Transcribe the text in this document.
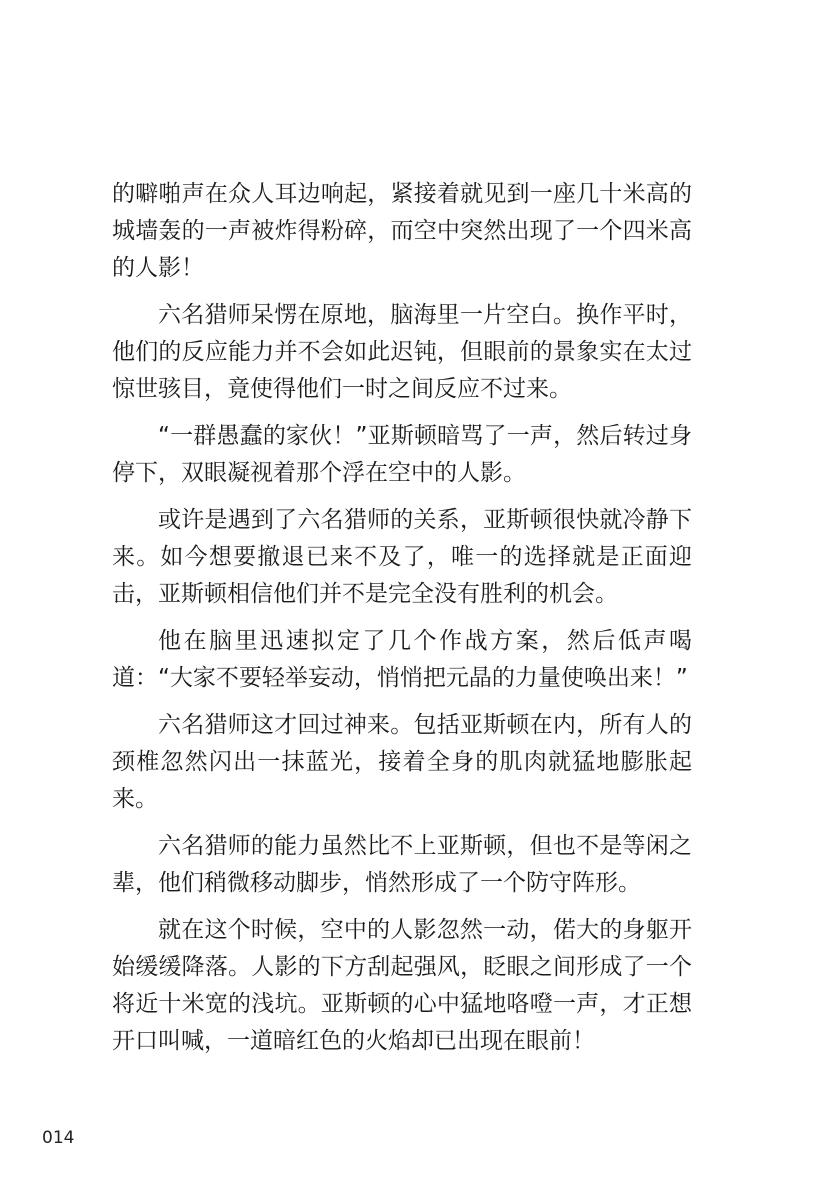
的噼啪声在众人耳边响起，紧接着就见到一座几十米高的城墙轰的一声被炸得粉碎，而空中突然出现了一个四米高的人影！

六名猎师呆愣在原地，脑海里一片空白。换作平时，他们的反应能力并不会如此迟钝，但眼前的景象实在太过惊世骇目，竟使得他们一时之间反应不过来。

“一群愚蠢的家伙！”亚斯顿暗骂了一声，然后转过身停下，双眼凝视着那个浮在空中的人影。

或许是遇到了六名猎师的关系，亚斯顿很快就冷静下来。如今想要撤退已来不及了，唯一的选择就是正面迎击，亚斯顿相信他们并不是完全没有胜利的机会。

他在脑里迅速拟定了几个作战方案，然后低声喝道：“大家不要轻举妄动，悄悄把元晶的力量使唤出来！”

六名猎师这才回过神来。包括亚斯顿在内，所有人的颈椎忽然闪出一抹蓝光，接着全身的肌肉就猛地膨胀起来。

六名猎师的能力虽然比不上亚斯顿，但也不是等闲之辈，他们稍微移动脚步，悄然形成了一个防守阵形。

就在这个时候，空中的人影忽然一动，偌大的身躯开始缓缓降落。人影的下方刮起强风，眨眼之间形成了一个将近十米宽的浅坑。亚斯顿的心中猛地咯噔一声，才正想开口叫喊，一道暗红色的火焰却已出现在眼前！

014
